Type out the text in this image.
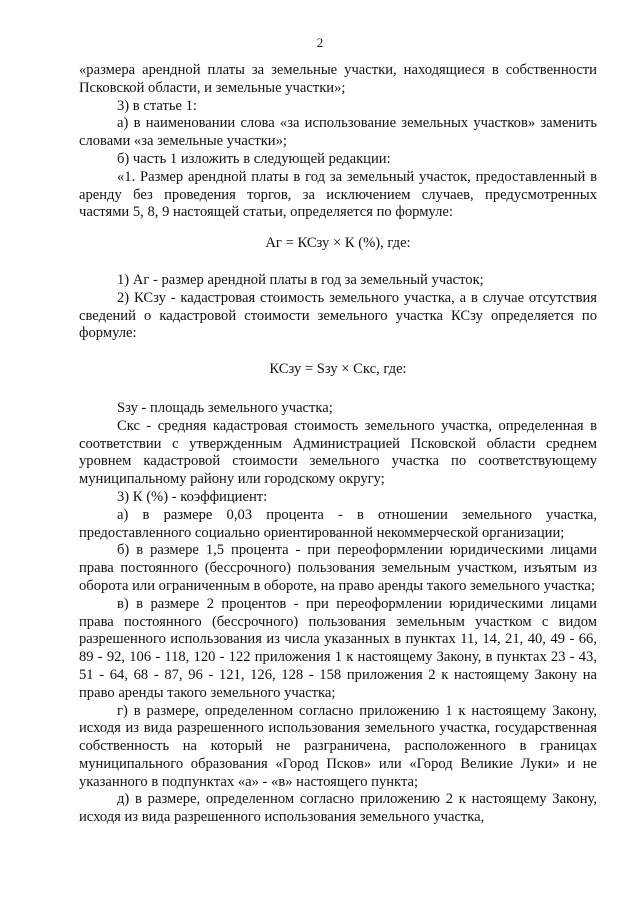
2

«размера арендной платы за земельные участки, находящиеся в собственности Псковской области, и земельные участки»;

3) в статье 1:

а) в наименовании слова «за использование земельных участков» заменить словами «за земельные участки»;

б) часть 1 изложить в следующей редакции:

«1. Размер арендной платы в год за земельный участок, предоставленный в аренду без проведения торгов, за исключением случаев, предусмотренных частями 5, 8, 9 настоящей статьи, определяется по формуле:

Аг = КСзу × К (%), где:

1) Аг - размер арендной платы в год за земельный участок;

2) КСзу - кадастровая стоимость земельного участка, а в случае отсутствия сведений о кадастровой стоимости земельного участка КСзу определяется по формуле:

КСзу = Sзу × Скс, где:

Sзу - площадь земельного участка;

Скс - средняя кадастровая стоимость земельного участка, определенная в соответствии с утвержденным Администрацией Псковской области среднем уровнем кадастровой стоимости земельного участка по соответствующему муниципальному району или городскому округу;

3) К (%) - коэффициент:

а) в размере 0,03 процента - в отношении земельного участка, предоставленного социально ориентированной некоммерческой организации;

б) в размере 1,5 процента - при переоформлении юридическими лицами права постоянного (бессрочного) пользования земельным участком, изъятым из оборота или ограниченным в обороте, на право аренды такого земельного участка;

в) в размере 2 процентов - при переоформлении юридическими лицами права постоянного (бессрочного) пользования земельным участком с видом разрешенного использования из числа указанных в пунктах 11, 14, 21, 40, 49 - 66, 89 - 92, 106 - 118, 120 - 122 приложения 1 к настоящему Закону, в пунктах 23 - 43, 51 - 64, 68 - 87, 96 - 121, 126, 128 - 158 приложения 2 к настоящему Закону на право аренды такого земельного участка;

г) в размере, определенном согласно приложению 1 к настоящему Закону, исходя из вида разрешенного использования земельного участка, государственная собственность на который не разграничена, расположенного в границах муниципального образования «Город Псков» или «Город Великие Луки» и не указанного в подпунктах «а» - «в» настоящего пункта;

д) в размере, определенном согласно приложению 2 к настоящему Закону, исходя из вида разрешенного использования земельного участка,
